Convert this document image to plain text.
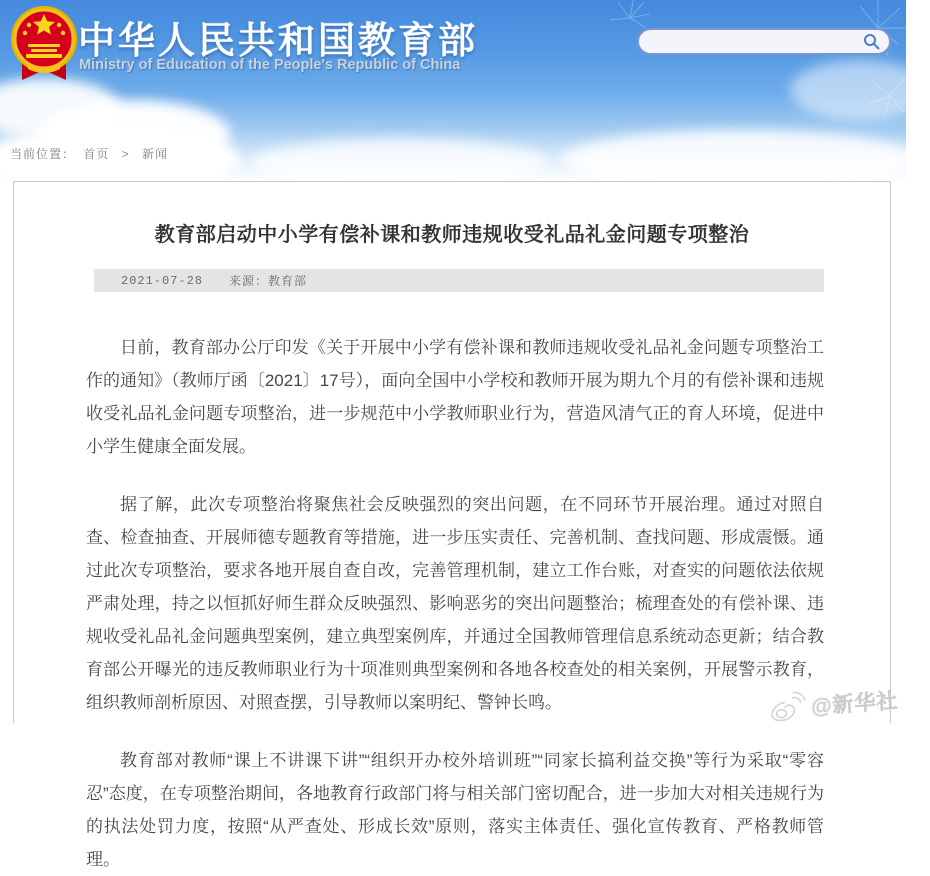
中华人民共和国教育部
Ministry of Education of the People's Republic of China
当前位置： 首页 > 新闻
教育部启动中小学有偿补课和教师违规收受礼品礼金问题专项整治
2021-07-28 来源： 教育部

日前，教育部办公厅印发《关于开展中小学有偿补课和教师违规收受礼品礼金问题专项整治工作的通知》（教师厅函〔2021〕17号），面向全国中小学校和教师开展为期九个月的有偿补课和违规收受礼品礼金问题专项整治，进一步规范中小学教师职业行为，营造风清气正的育人环境，促进中小学生健康全面发展。

据了解，此次专项整治将聚焦社会反映强烈的突出问题，在不同环节开展治理。通过对照自查、检查抽查、开展师德专题教育等措施，进一步压实责任、完善机制、查找问题、形成震慑。通过此次专项整治，要求各地开展自查自改，完善管理机制，建立工作台账，对查实的问题依法依规严肃处理，持之以恒抓好师生群众反映强烈、影响恶劣的突出问题整治；梳理查处的有偿补课、违规收受礼品礼金问题典型案例，建立典型案例库，并通过全国教师管理信息系统动态更新；结合教育部公开曝光的违反教师职业行为十项准则典型案例和各地各校查处的相关案例，开展警示教育，组织教师剖析原因、对照查摆，引导教师以案明纪、警钟长鸣。

教育部对教师“课上不讲课下讲”“组织开办校外培训班”“同家长搞利益交换”等行为采取“零容忍”态度，在专项整治期间，各地教育行政部门将与相关部门密切配合，进一步加大对相关违规行为的执法处罚力度，按照“从严查处、形成长效”原则，落实主体责任、强化宣传教育、严格教师管理。

@新华社
